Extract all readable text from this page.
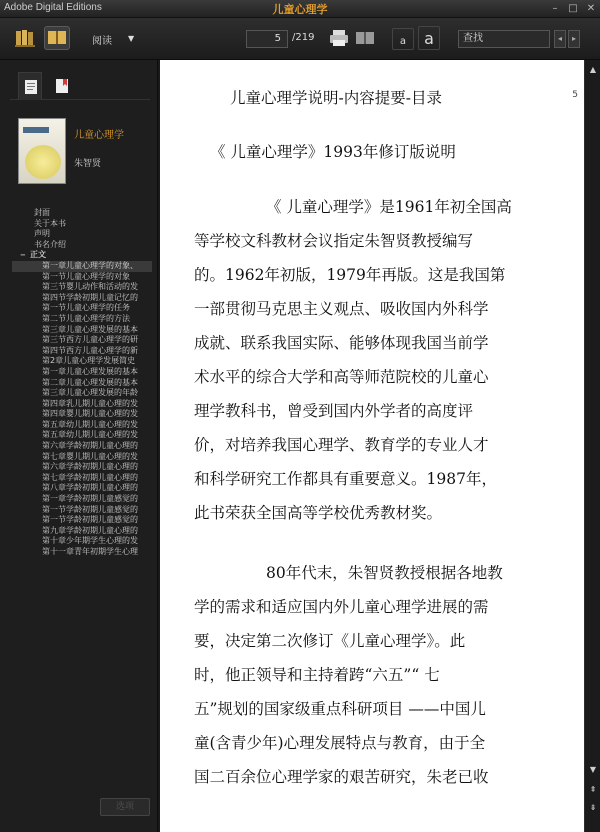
Adobe Digital Editions	儿童心理学	–	□ ✕
阅读 ▼	5	/219	a	a	查找	◂	▸
儿童心理学
朱智贤
封面
关于本书
声明
书名介绍
− 正文
第一章儿童心理学的对象、
第一节儿童心理学的对象
第三节婴儿动作和活动的发
第四节学龄初期儿童记忆的
第一节儿童心理学的任务
第二节儿童心理学的方法
第三章儿童心理发展的基本
第三节西方儿童心理学的研
第四节西方儿童心理学的新
第2章儿童心理学发展简史
第一章儿童心理发展的基本
第二章儿童心理发展的基本
第三章儿童心理发展的年龄
第四章乳儿期儿童心理的发
第四章婴儿期儿童心理的发
第五章幼儿期儿童心理的发
第五章幼儿期儿童心理的发
第六章学龄初期儿童心理的
第七章婴儿期儿童心理的发
第六章学龄初期儿童心理的
第七章学龄初期儿童心理的
第八章学龄初期儿童心理的
第一章学龄初期儿童感觉的
第一节学龄初期儿童感觉的
第一节学龄初期儿童感觉的
第九章学龄初期儿童心理的
第十章少年期学生心理的发
第十一章青年初期学生心理
选项
5
儿童心理学说明-内容提要-目录
《 儿童心理学》1993年修订版说明
《 儿童心理学》是1961年初全国高
等学校文科教材会议指定朱智贤教授编写
的。1962年初版，1979年再版。这是我国第
一部贯彻马克思主义观点、吸收国内外科学
成就、联系我国实际、能够体现我国当前学
术水平的综合大学和高等师范院校的儿童心
理学教科书，曾受到国内外学者的高度评
价，对培养我国心理学、教育学的专业人才
和科学研究工作都具有重要意义。1987年，
此书荣获全国高等学校优秀教材奖。
80年代末，朱智贤教授根据各地教
学的需求和适应国内外儿童心理学进展的需
要，决定第二次修订《儿童心理学》。此
时，他正领导和主持着跨“六五”“ 七
五”规划的国家级重点科研项目 ——中国儿
童(含青少年)心理发展特点与教育，由于全
国二百余位心理学家的艰苦研究，朱老已收
▲
▼
⇞
⇟
